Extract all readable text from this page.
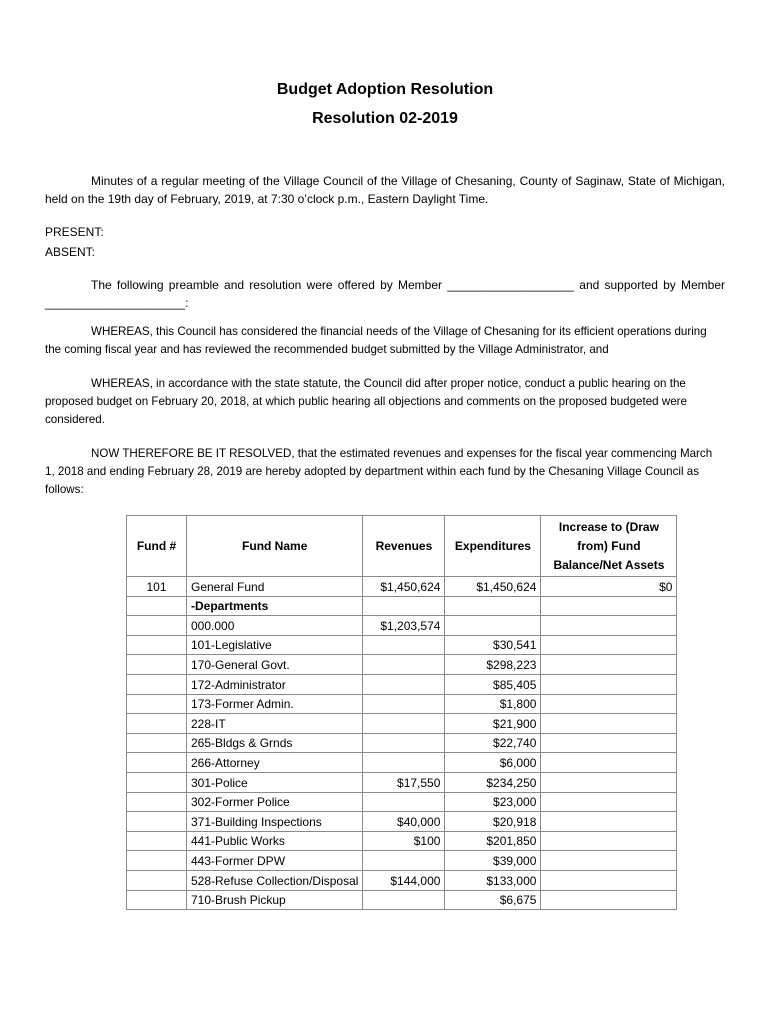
Budget Adoption Resolution
Resolution 02-2019
Minutes of a regular meeting of the Village Council of the Village of Chesaning, County of Saginaw, State of Michigan, held on the 19th day of February, 2019, at 7:30 o’clock p.m., Eastern Daylight Time.
PRESENT:
ABSENT:
The following preamble and resolution were offered by Member ___________________ and supported by Member _____________________:
WHEREAS, this Council has considered the financial needs of the Village of Chesaning for its efficient operations during the coming fiscal year and has reviewed the recommended budget submitted by the Village Administrator, and
WHEREAS, in accordance with the state statute, the Council did after proper notice, conduct a public hearing on the proposed budget on February 20, 2018, at which public hearing all objections and comments on the proposed budgeted were considered.
NOW THEREFORE BE IT RESOLVED, that the estimated revenues and expenses for the fiscal year commencing March 1, 2018 and ending February 28, 2019 are hereby adopted by department within each fund by the Chesaning Village Council as follows:
Fund #	Fund Name	Revenues	Expenditures	Increase to (Draw from) Fund Balance/Net Assets
101	General Fund	$1,450,624	$1,450,624	$0
	-Departments			
	000.000	$1,203,574		
	101-Legislative		$30,541	
	170-General Govt.		$298,223	
	172-Administrator		$85,405	
	173-Former Admin.		$1,800	
	228-IT		$21,900	
	265-Bldgs & Grnds		$22,740	
	266-Attorney		$6,000	
	301-Police	$17,550	$234,250	
	302-Former Police		$23,000	
	371-Building Inspections	$40,000	$20,918	
	441-Public Works	$100	$201,850	
	443-Former DPW		$39,000	
	528-Refuse Collection/Disposal	$144,000	$133,000	
	710-Brush Pickup		$6,675	
